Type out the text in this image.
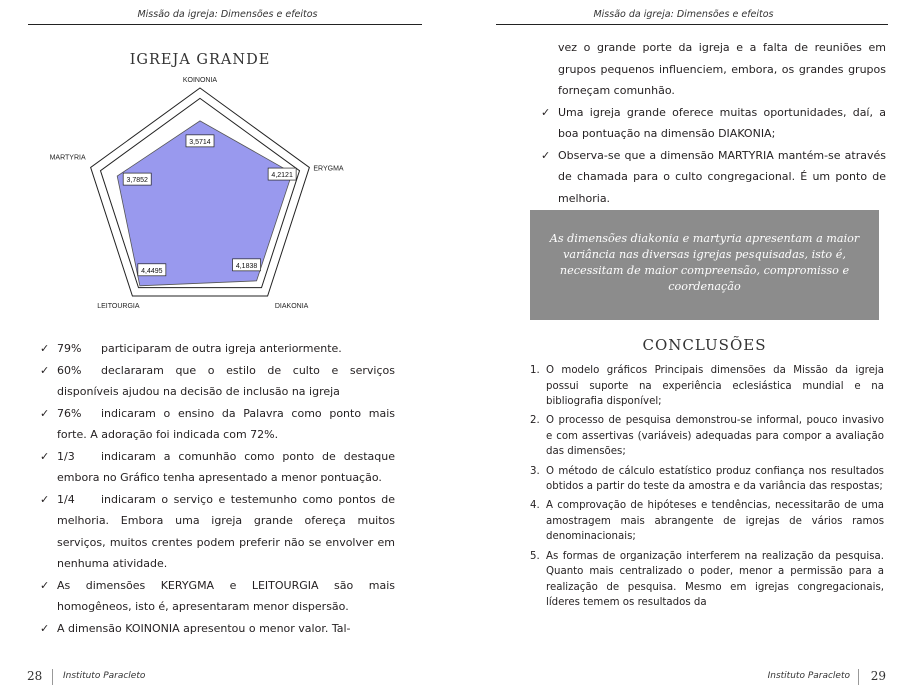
Missão da igreja: Dimensões e efeitos
IGREJA GRANDE
3,5714
4,2121
4,1838
4,4495
3,7852
KOINONIA
ERYGMA
DIAKONIA
LEITOURGIA
MARTYRIA
✓ 79% participaram de outra igreja anteriormente.
✓ 60% declararam que o estilo de culto e serviços disponíveis ajudou na decisão de inclusão na igreja
✓ 76% indicaram o ensino da Palavra como ponto mais forte. A adoração foi indicada com 72%.
✓ 1/3 indicaram a comunhão como ponto de destaque embora no Gráfico tenha apresentado a menor pontuação.
✓ 1/4 indicaram o serviço e testemunho como pontos de melhoria. Embora uma igreja grande ofereça muitos serviços, muitos crentes podem preferir não se envolver em nenhuma atividade.
✓ As dimensões KERYGMA e LEITOURGIA são mais homogêneos, isto é, apresentaram menor dispersão.
✓ A dimensão KOINONIA apresentou o menor valor. Tal-
28 Instituto Paracleto
Missão da igreja: Dimensões e efeitos
vez o grande porte da igreja e a falta de reuniões em grupos pequenos influenciem, embora, os grandes grupos forneçam comunhão.
✓ Uma igreja grande oferece muitas oportunidades, daí, a boa pontuação na dimensão DIAKONIA;
✓ Observa-se que a dimensão MARTYRIA mantém-se através de chamada para o culto congregacional. É um ponto de melhoria.
As dimensões diakonia e martyria apresentam a maior variância nas diversas igrejas pesquisadas, isto é, necessitam de maior compreensão, compromisso e coordenação
CONCLUSÕES
1. O modelo gráficos Principais dimensões da Missão da igreja possui suporte na experiência eclesiástica mundial e na bibliografia disponível;
2. O processo de pesquisa demonstrou-se informal, pouco invasivo e com assertivas (variáveis) adequadas para compor a avaliação das dimensões;
3. O método de cálculo estatístico produz confiança nos resultados obtidos a partir do teste da amostra e da variância das respostas;
4. A comprovação de hipóteses e tendências, necessitarão de uma amostragem mais abrangente de igrejas de vários ramos denominacionais;
5. As formas de organização interferem na realização da pesquisa. Quanto mais centralizado o poder, menor a permissão para a realização de pesquisa. Mesmo em igrejas congregacionais, líderes temem os resultados da
Instituto Paracleto 29
